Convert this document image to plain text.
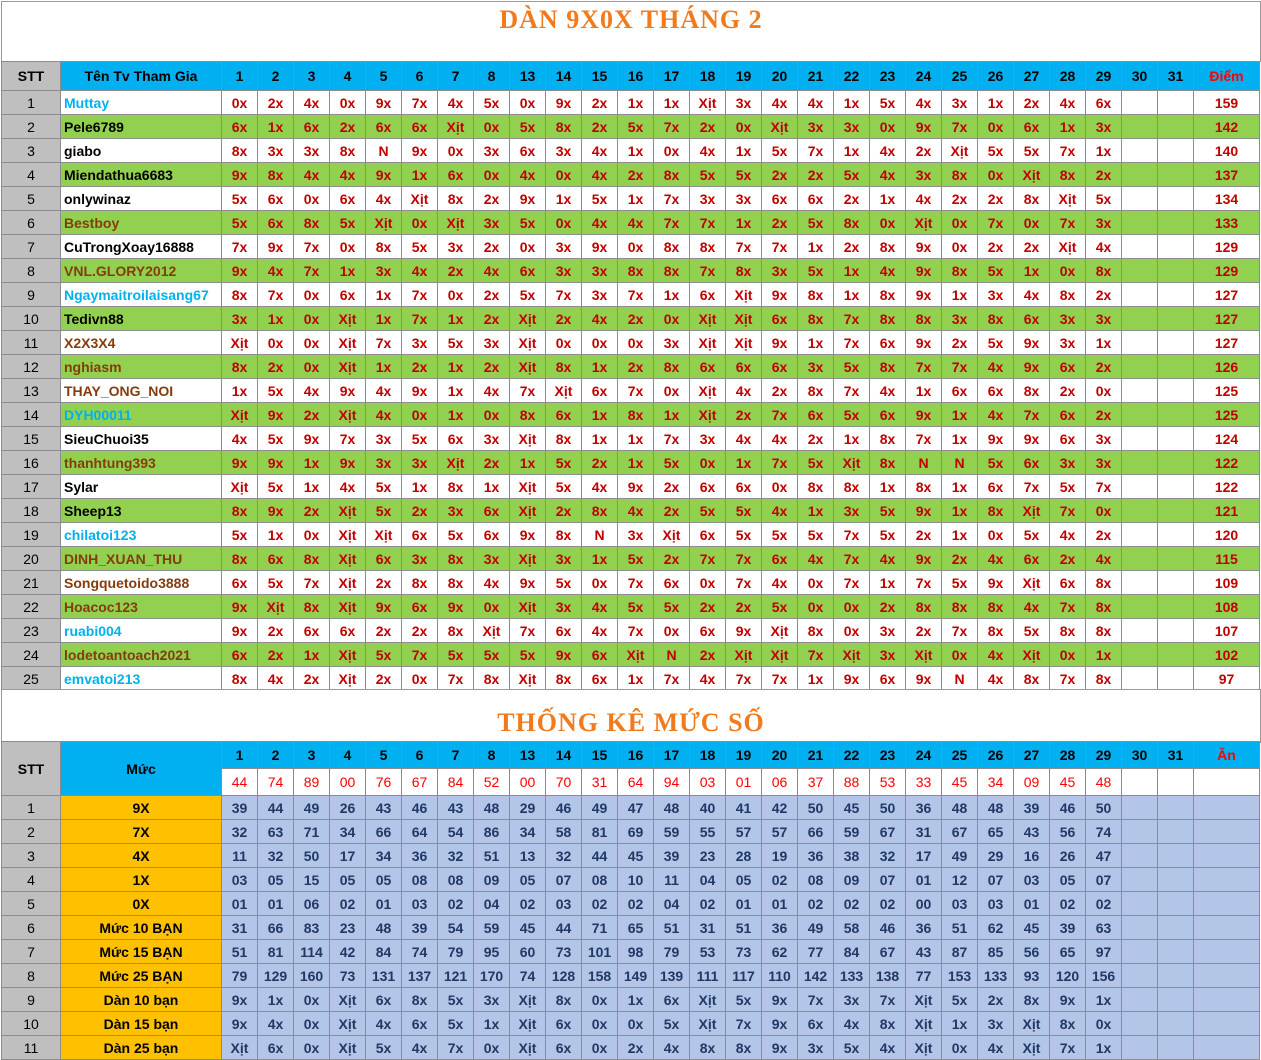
DÀN 9X0X THÁNG 2
STT	Tên Tv Tham Gia	1	2	3	4	5	6	7	8	13	14	15	16	17	18	19	20	21	22	23	24	25	26	27	28	29	30	31	Điểm
1	Muttay	0x	2x	4x	0x	9x	7x	4x	5x	0x	9x	2x	1x	1x	Xịt	3x	4x	4x	1x	5x	4x	3x	1x	2x	4x	6x			159
2	Pele6789	6x	1x	6x	2x	6x	6x	Xịt	0x	5x	8x	2x	5x	7x	2x	0x	Xịt	3x	3x	0x	9x	7x	0x	6x	1x	3x			142
3	giabo	8x	3x	3x	8x	N	9x	0x	3x	6x	3x	4x	1x	0x	4x	1x	5x	7x	1x	4x	2x	Xịt	5x	5x	7x	1x			140
4	Miendathua6683	9x	8x	4x	4x	9x	1x	6x	0x	4x	0x	4x	2x	8x	5x	5x	2x	2x	5x	4x	3x	8x	0x	Xịt	8x	2x			137
5	onlywinaz	5x	6x	0x	6x	4x	Xịt	8x	2x	9x	1x	5x	1x	7x	3x	3x	6x	6x	2x	1x	4x	2x	2x	8x	Xịt	5x			134
6	Bestboy	5x	6x	8x	5x	Xịt	0x	Xịt	3x	5x	0x	4x	4x	7x	7x	1x	2x	5x	8x	0x	Xịt	0x	7x	0x	7x	3x			133
7	CuTrongXoay16888	7x	9x	7x	0x	8x	5x	3x	2x	0x	3x	9x	0x	8x	8x	7x	7x	1x	2x	8x	9x	0x	2x	2x	Xịt	4x			129
8	VNL.GLORY2012	9x	4x	7x	1x	3x	4x	2x	4x	6x	3x	3x	8x	8x	7x	8x	3x	5x	1x	4x	9x	8x	5x	1x	0x	8x			129
9	Ngaymaitroilaisang67	8x	7x	0x	6x	1x	7x	0x	2x	5x	7x	3x	7x	1x	6x	Xịt	9x	8x	1x	8x	9x	1x	3x	4x	8x	2x			127
10	Tedivn88	3x	1x	0x	Xịt	1x	7x	1x	2x	Xịt	2x	4x	2x	0x	Xịt	Xịt	6x	8x	7x	8x	8x	3x	8x	6x	3x	3x			127
11	X2X3X4	Xịt	0x	0x	Xịt	7x	3x	5x	3x	Xịt	0x	0x	0x	3x	Xịt	Xịt	9x	1x	7x	6x	9x	2x	5x	9x	3x	1x			127
12	nghiasm	8x	2x	0x	Xịt	1x	2x	1x	2x	Xịt	8x	1x	2x	8x	6x	6x	6x	3x	5x	8x	7x	7x	4x	9x	6x	2x			126
13	THAY_ONG_NOI	1x	5x	4x	9x	4x	9x	1x	4x	7x	Xịt	6x	7x	0x	Xịt	4x	2x	8x	7x	4x	1x	6x	6x	8x	2x	0x			125
14	DYH00011	Xịt	9x	2x	Xịt	4x	0x	1x	0x	8x	6x	1x	8x	1x	Xịt	2x	7x	6x	5x	6x	9x	1x	4x	7x	6x	2x			125
15	SieuChuoi35	4x	5x	9x	7x	3x	5x	6x	3x	Xịt	8x	1x	1x	7x	3x	4x	4x	2x	1x	8x	7x	1x	9x	9x	6x	3x			124
16	thanhtung393	9x	9x	1x	9x	3x	3x	Xịt	2x	1x	5x	2x	1x	5x	0x	1x	7x	5x	Xịt	8x	N	N	5x	6x	3x	3x			122
17	Sylar	Xịt	5x	1x	4x	5x	1x	8x	1x	Xịt	5x	4x	9x	2x	6x	6x	0x	8x	8x	1x	8x	1x	6x	7x	5x	7x			122
18	Sheep13	8x	9x	2x	Xịt	5x	2x	3x	6x	Xịt	2x	8x	4x	2x	5x	5x	4x	1x	3x	5x	9x	1x	8x	Xịt	7x	0x			121
19	chilatoi123	5x	1x	0x	Xịt	Xịt	6x	5x	6x	9x	8x	N	3x	Xịt	6x	5x	5x	5x	7x	5x	2x	1x	0x	5x	4x	2x			120
20	DINH_XUAN_THU	8x	6x	8x	Xịt	6x	3x	8x	3x	Xịt	3x	1x	5x	2x	7x	7x	6x	4x	7x	4x	9x	2x	4x	6x	2x	4x			115
21	Songquetoido3888	6x	5x	7x	Xịt	2x	8x	8x	4x	9x	5x	0x	7x	6x	0x	7x	4x	0x	7x	1x	7x	5x	9x	Xịt	6x	8x			109
22	Hoacoc123	9x	Xịt	8x	Xịt	9x	6x	9x	0x	Xịt	3x	4x	5x	5x	2x	2x	5x	0x	0x	2x	8x	8x	8x	4x	7x	8x			108
23	ruabi004	9x	2x	6x	6x	2x	2x	8x	Xịt	7x	6x	4x	7x	0x	6x	9x	Xịt	8x	0x	3x	2x	7x	8x	5x	8x	8x			107
24	lodetoantoach2021	6x	2x	1x	Xịt	5x	7x	5x	5x	5x	9x	6x	Xịt	N	2x	Xịt	Xịt	7x	Xịt	3x	Xịt	0x	4x	Xịt	0x	1x			102
25	emvatoi213	8x	4x	2x	Xịt	2x	0x	7x	8x	Xịt	8x	6x	1x	7x	4x	7x	7x	1x	9x	6x	9x	N	4x	8x	7x	8x			97
THỐNG KÊ MỨC SỐ
STT	Mức	1	2	3	4	5	6	7	8	13	14	15	16	17	18	19	20	21	22	23	24	25	26	27	28	29	30	31	Ăn
		44	74	89	00	76	67	84	52	00	70	31	64	94	03	01	06	37	88	53	33	45	34	09	45	48			
1	9X	39	44	49	26	43	46	43	48	29	46	49	47	48	40	41	42	50	45	50	36	48	48	39	46	50			
2	7X	32	63	71	34	66	64	54	86	34	58	81	69	59	55	57	57	66	59	67	31	67	65	43	56	74			
3	4X	11	32	50	17	34	36	32	51	13	32	44	45	39	23	28	19	36	38	32	17	49	29	16	26	47			
4	1X	03	05	15	05	05	08	08	09	05	07	08	10	11	04	05	02	08	09	07	01	12	07	03	05	07			
5	0X	01	01	06	02	01	03	02	04	02	03	02	02	04	02	01	01	02	02	02	00	03	03	01	02	02			
6	Mức 10 BẠN	31	66	83	23	48	39	54	59	45	44	71	65	51	31	51	36	49	58	46	36	51	62	45	39	63			
7	Mức 15 BẠN	51	81	114	42	84	74	79	95	60	73	101	98	79	53	73	62	77	84	67	43	87	85	56	65	97			
8	Mức 25 BẠN	79	129	160	73	131	137	121	170	74	128	158	149	139	111	117	110	142	133	138	77	153	133	93	120	156			
9	Dàn 10 bạn	9x	1x	0x	Xịt	6x	8x	5x	3x	Xịt	8x	0x	1x	6x	Xịt	5x	9x	7x	3x	7x	Xịt	5x	2x	8x	9x	1x			
10	Dàn 15 bạn	9x	4x	0x	Xịt	4x	6x	5x	1x	Xịt	6x	0x	0x	5x	Xịt	7x	9x	6x	4x	8x	Xịt	1x	3x	Xịt	8x	0x			
11	Dàn 25 bạn	Xịt	6x	0x	Xịt	5x	4x	7x	0x	Xịt	6x	0x	2x	4x	8x	8x	9x	3x	5x	4x	Xịt	0x	4x	Xịt	7x	1x			
